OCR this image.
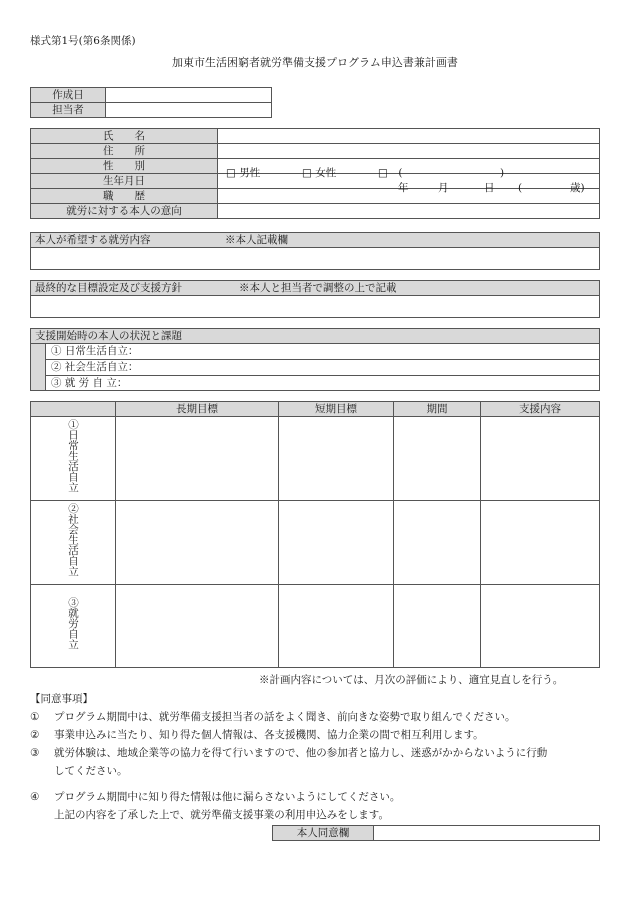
様式第1号(第6条関係)
加東市生活困窮者就労準備支援プログラム申込書兼計画書
作成日	
担当者	
氏　　名	
住　　所	
性　　別	□ 男性 □ 女性 □　( )

生年月日	年 月 日 ( 歳)

職　　歴	
就労に対する本人の意向	
本人が希望する就労内容	※本人記載欄
最終的な目標設定及び支援方針	※本人と担当者で調整の上で記載
支援開始時の本人の状況と課題
① 日常生活自立：
② 社会生活自立：
③ 就 労 自 立：
	長期目標	短期目標	期間	支援内容

①日常生活自立				

②社会生活自立				

③就労自立				

※計画内容については、月次の評価により、適宜見直しを行う。

【同意事項】

① プログラム期間中は、就労準備支援担当者の話をよく聞き、前向きな姿勢で取り組んでください。

② 事業申込みに当たり、知り得た個人情報は、各支援機関、協力企業の間で相互利用します。

③ 就労体験は、地域企業等の協力を得て行いますので、他の参加者と協力し、迷惑がかからないように行動

してください。

④ プログラム期間中に知り得た情報は他に漏らさないようにしてください。

上記の内容を了承した上で、就労準備支援事業の利用申込みをします。

本人同意欄	
